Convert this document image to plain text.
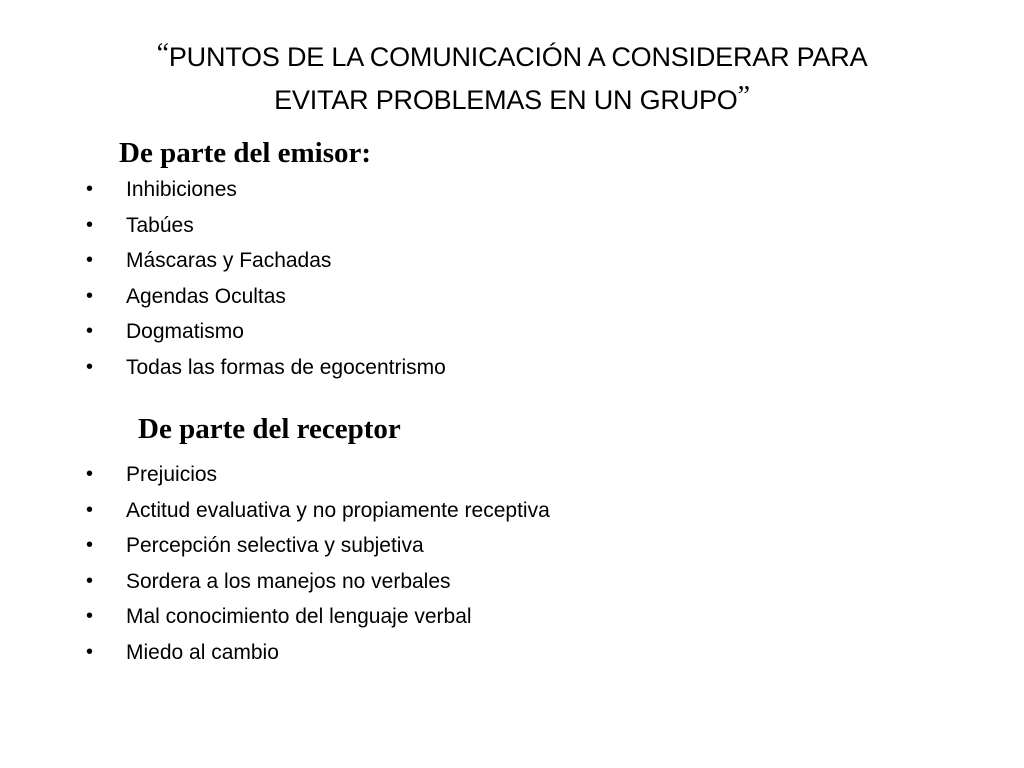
“PUNTOS DE LA COMUNICACIÓN A CONSIDERAR PARA
EVITAR PROBLEMAS EN UN GRUPO”
De parte del emisor:
• Inhibiciones
• Tabúes
• Máscaras y Fachadas
• Agendas Ocultas
• Dogmatismo
• Todas las formas de egocentrismo
De parte del receptor
• Prejuicios
• Actitud evaluativa y no propiamente receptiva
• Percepción selectiva y subjetiva
• Sordera a los manejos no verbales
• Mal conocimiento del lenguaje verbal
• Miedo al cambio
